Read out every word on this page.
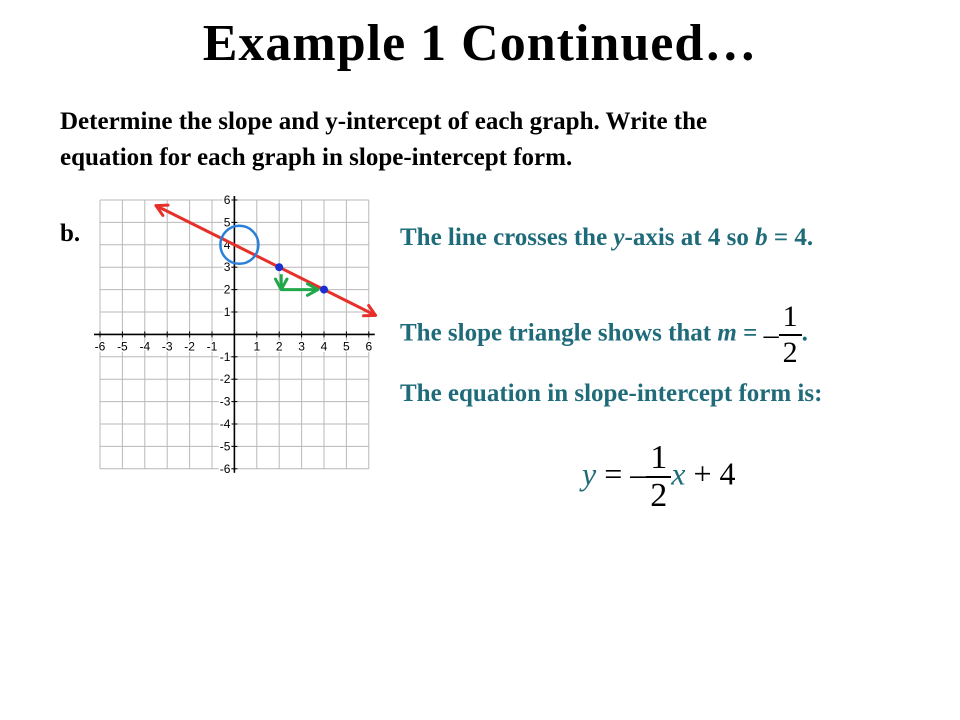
Example 1 Continued…
Determine the slope and y-intercept of each graph. Write the
equation for each graph in slope-intercept form.
b.
-6 -5 -4 -3 -2 -1	1 2 3 4 5 6
6
5
4
3
2
1
-1
-2
-3
-4
-5
-6
The line crosses the y-axis at 4 so b = 4.
The slope triangle shows that m = – $\frac{1}{2}$ .
The equation in slope-intercept form is:
y = – $\frac{1}{2}$ x + 4
